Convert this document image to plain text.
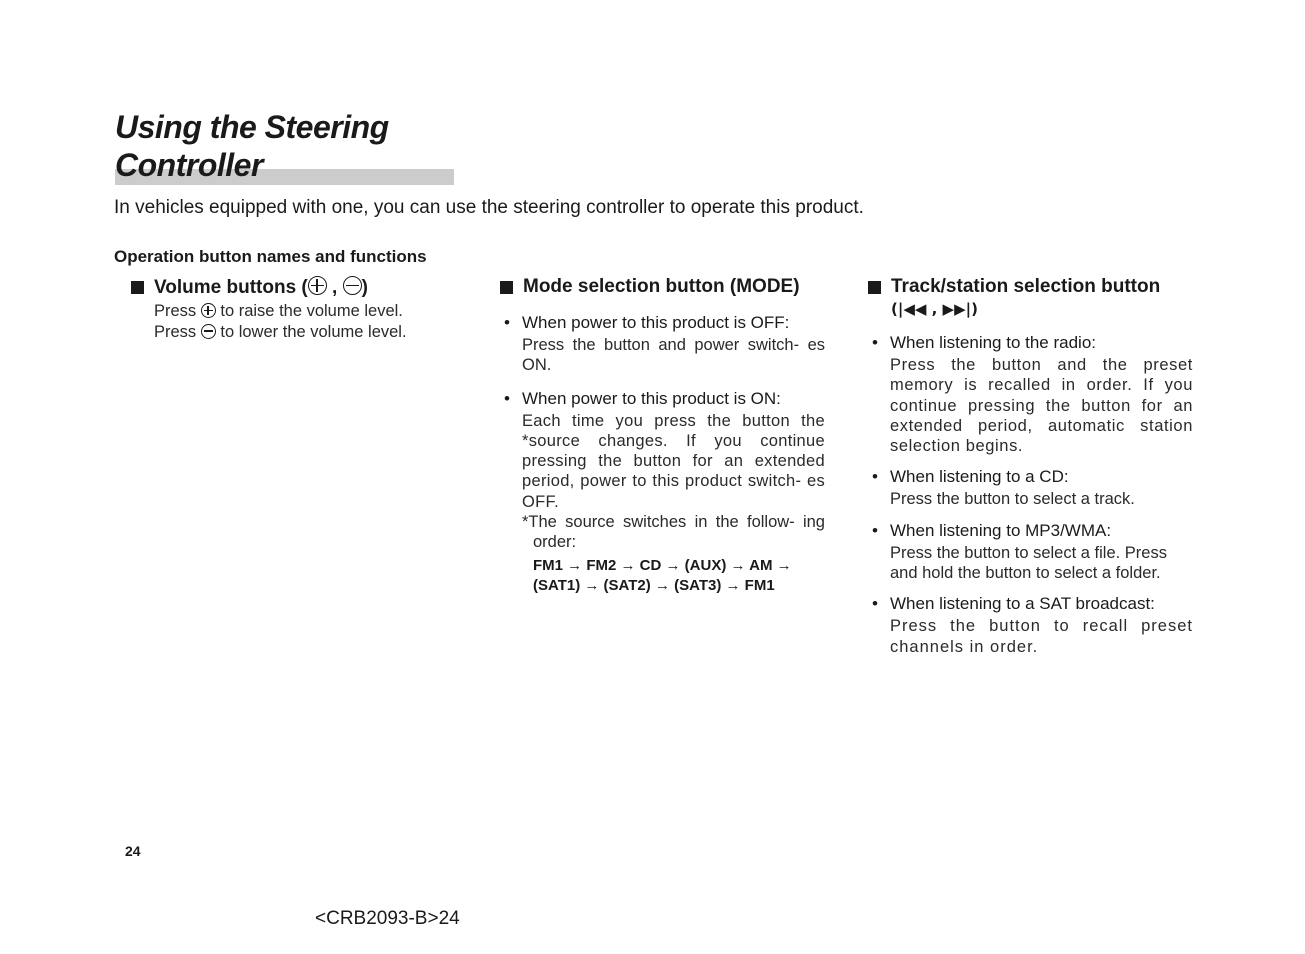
Using the Steering
Controller

In vehicles equipped with one, you can use the steering controller to operate this product.

Operation button names and functions

Volume buttons ( , )
Press to raise the volume level.
Press to lower the volume level.
Mode selection button (MODE)
• When power to this product is OFF:
Press the button and power switch- es ON.
• When power to this product is ON:
Each time you press the button the *source changes. If you continue pressing the button for an extended period, power to this product switch- es OFF.
*The source switches in the follow- ing order:
FM1 → FM2 → CD → (AUX) → AM →
(SAT1) → (SAT2) → (SAT3) → FM1
Track/station selection button
(|◀◀ , ▶▶|)
• When listening to the radio:
Press the button and the preset memory is recalled in order. If you continue pressing the button for an extended period, automatic station selection begins.
• When listening to a CD:
Press the button to select a track.
• When listening to MP3/WMA:
Press the button to select a file. Press and hold the button to select a folder.
• When listening to a SAT broadcast:
Press the button to recall preset channels in order.

24

<CRB2093-B>24
